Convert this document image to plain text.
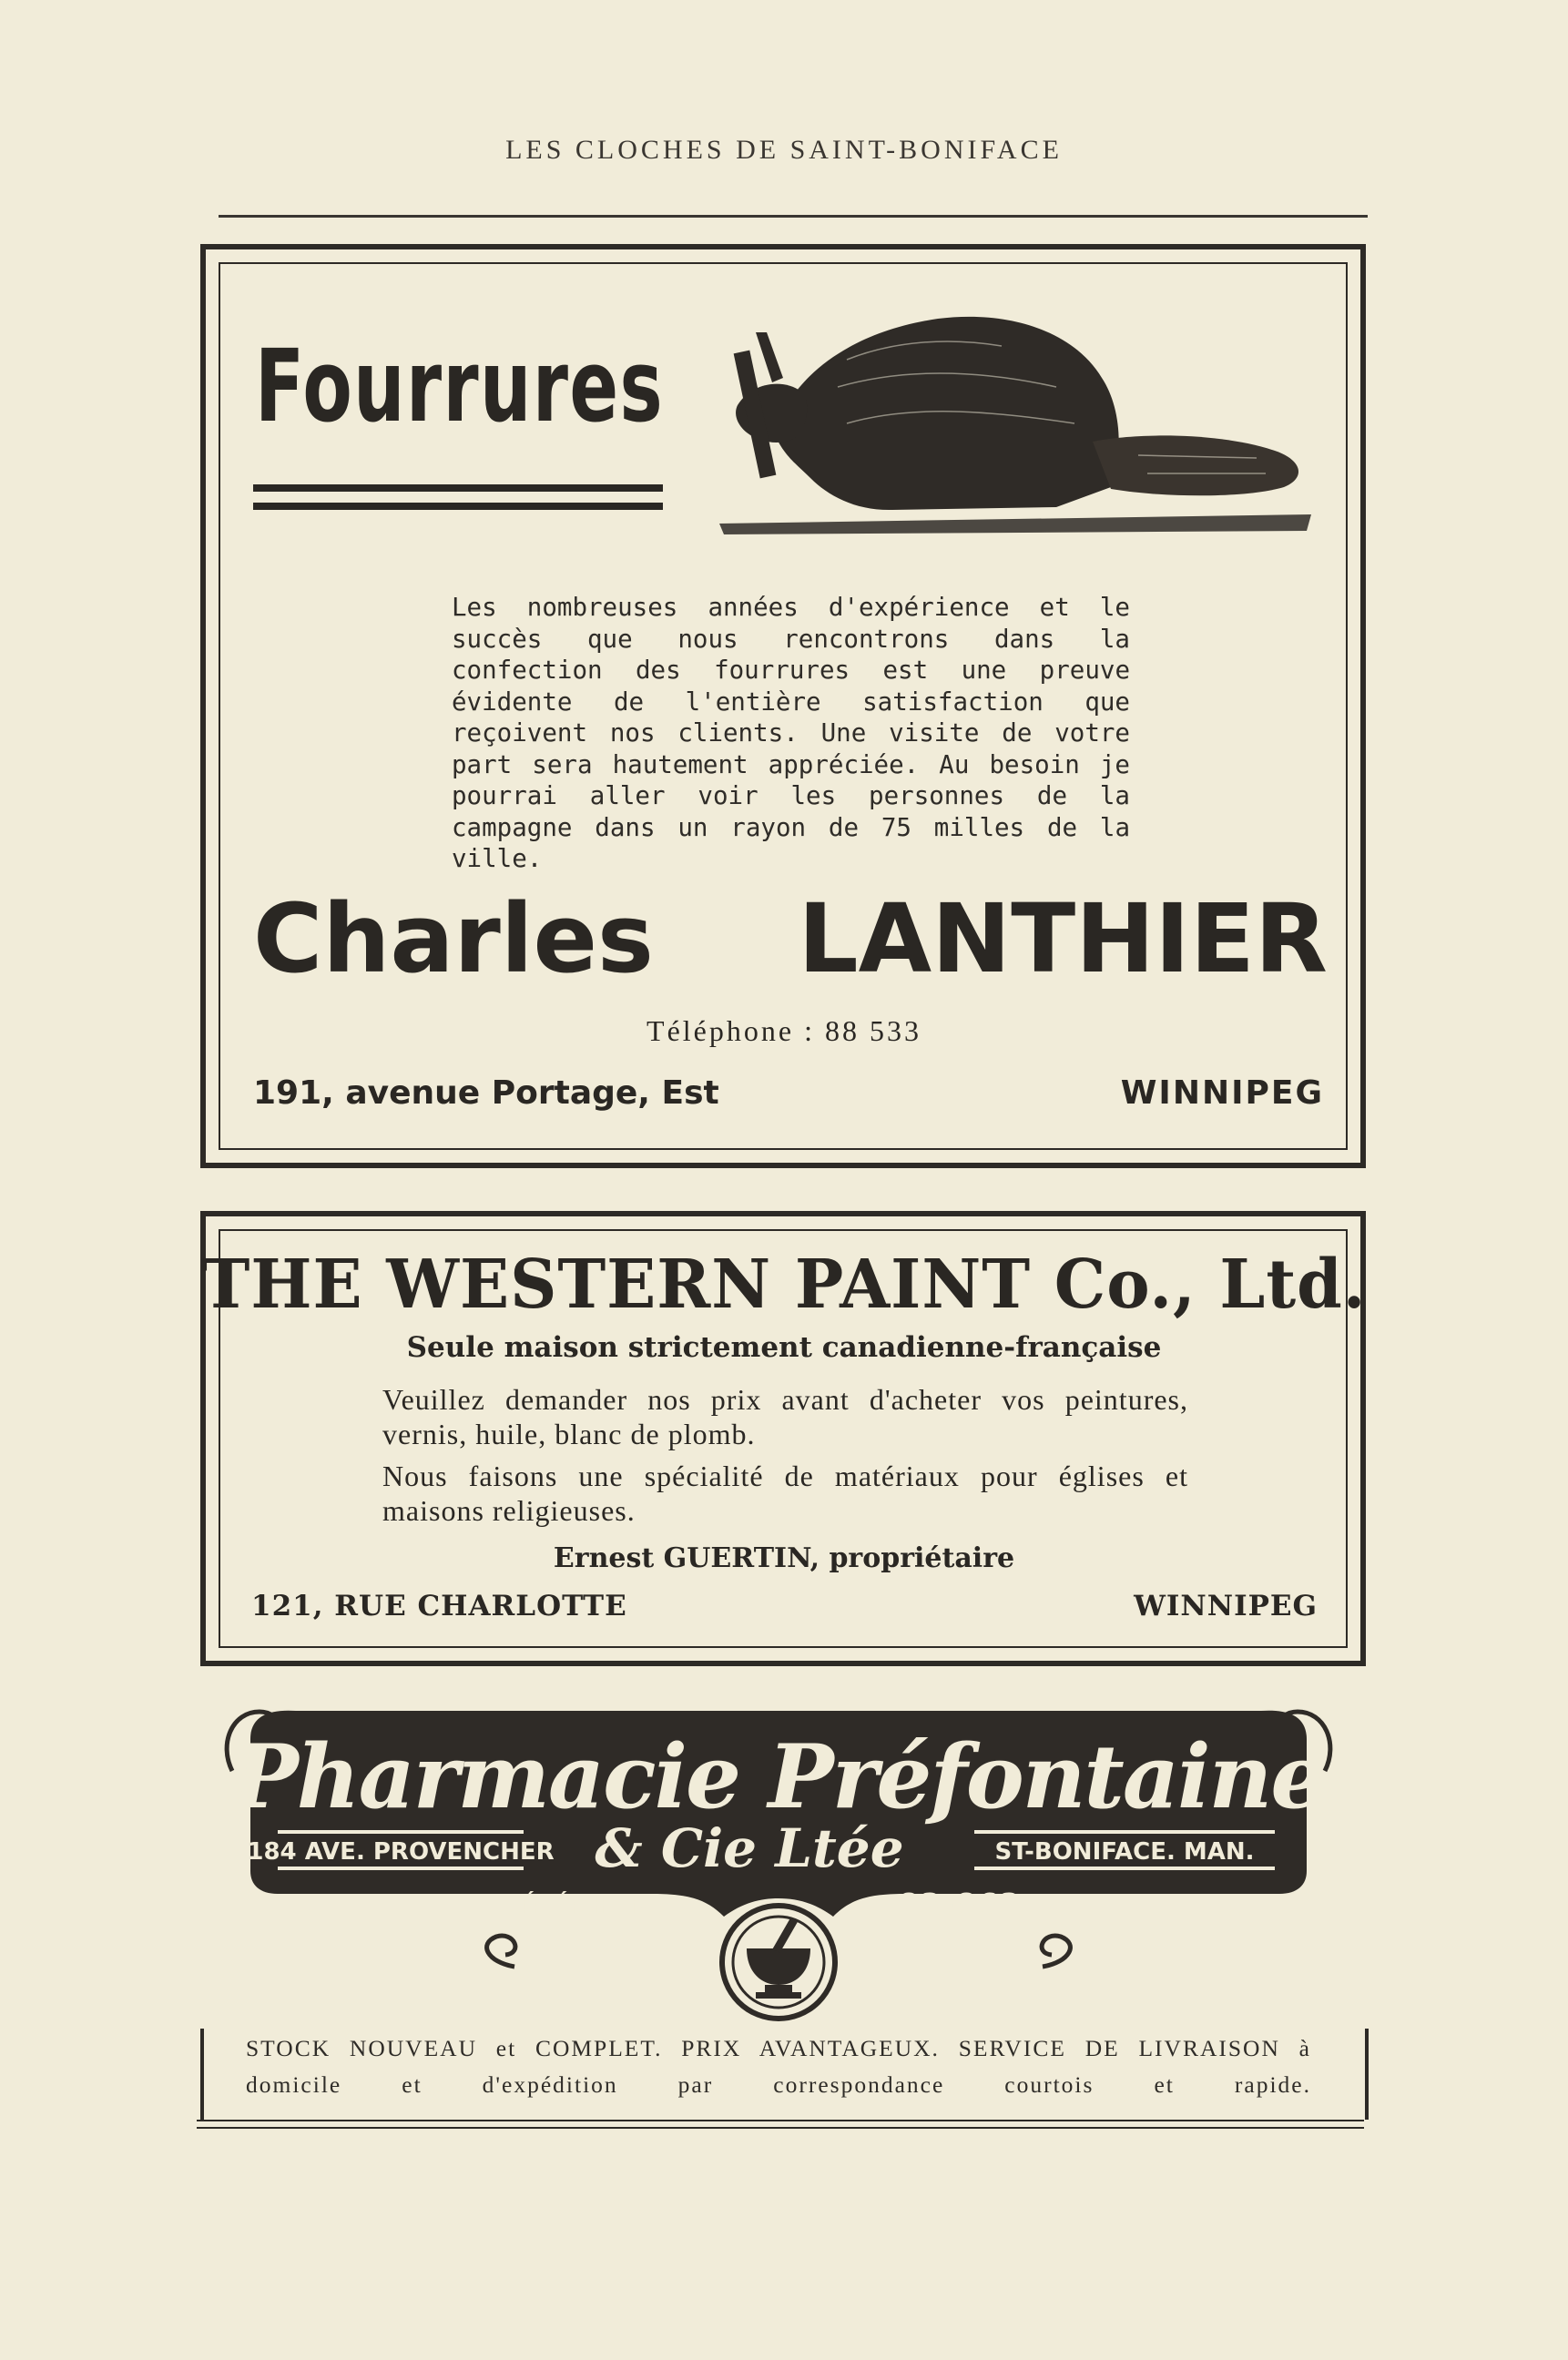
LES CLOCHES DE SAINT-BONIFACE
Fourrures
Les nombreuses années d'expérience et le succès que nous rencontrons dans la confection des fourrures est une preuve évidente de l'entière satisfaction que reçoivent nos clients. Une visite de votre part sera hautement appréciée. Au besoin je pourrai aller voir les personnes de la campagne dans un rayon de 75 milles de la ville.
Charles LANTHIER
Téléphone : 88 533
191, avenue Portage, Est	WINNIPEG
THE WESTERN PAINT Co., Ltd.
Seule maison strictement canadienne-française

Veuillez demander nos prix avant d'acheter vos peintures, vernis, huile, blanc de plomb.

Nous faisons une spécialité de matériaux pour églises et maisons religieuses.

Ernest GUERTIN, propriétaire
121, RUE CHARLOTTE	WINNIPEG
Pharmacie Préfontaine
184 AVE. PROVENCHER & Cie Ltée	ST-BONIFACE. MAN.
TÉLÉPHONE	83-863
STOCK NOUVEAU et COMPLET. PRIX AVANTAGEUX. SERVICE DE LIVRAISON à domicile et d'expédition par correspondance courtois et rapide.
